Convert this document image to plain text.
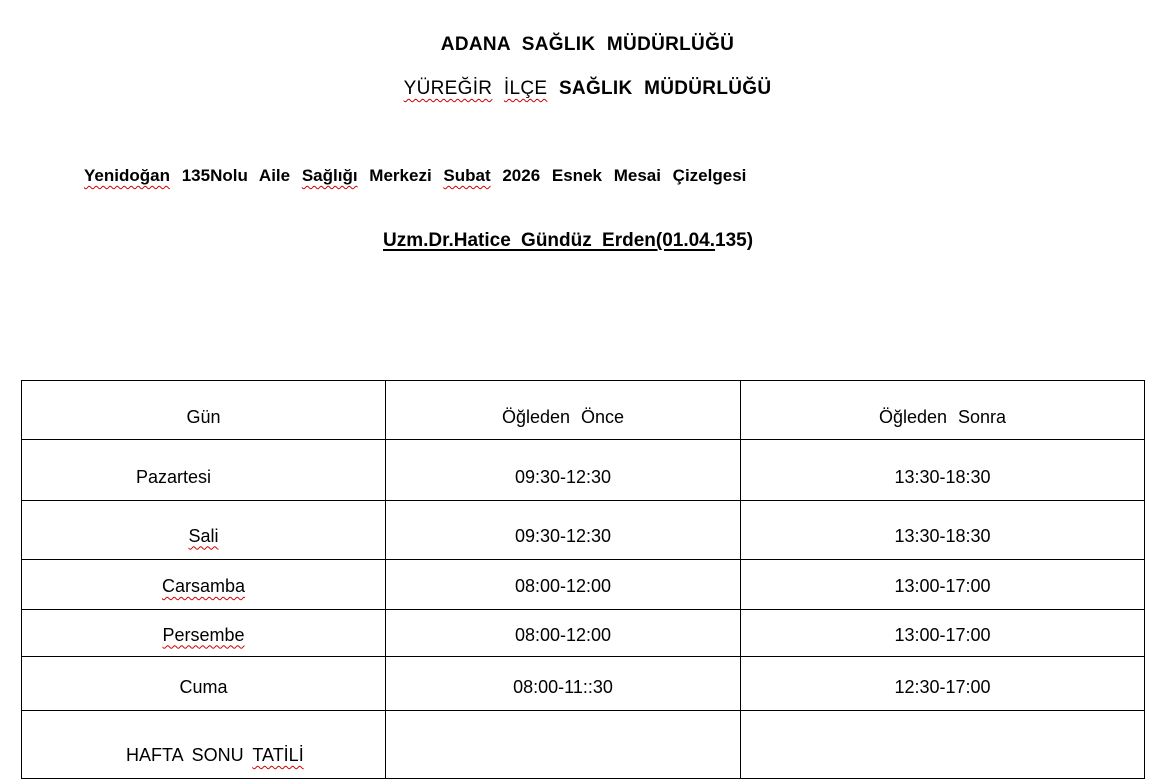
ADANA SAĞLIK MÜDÜRLÜĞÜ
YÜREĞİR İLÇE SAĞLIK MÜDÜRLÜĞÜ
Yenidoğan 135Nolu Aile Sağlığı Merkezi Subat 2026 Esnek Mesai Çizelgesi
Uzm.Dr.Hatice Gündüz Erden(01.04.135)
Gün	Öğleden Önce	Öğleden Sonra
Pazartesi	09:30-12:30	13:30-18:30
Sali	09:30-12:30	13:30-18:30
Carsamba	08:00-12:00	13:00-17:00
Persembe	08:00-12:00	13:00-17:00
Cuma	08:00-11::30	12:30-17:00
HAFTA SONU TATİLİ		
